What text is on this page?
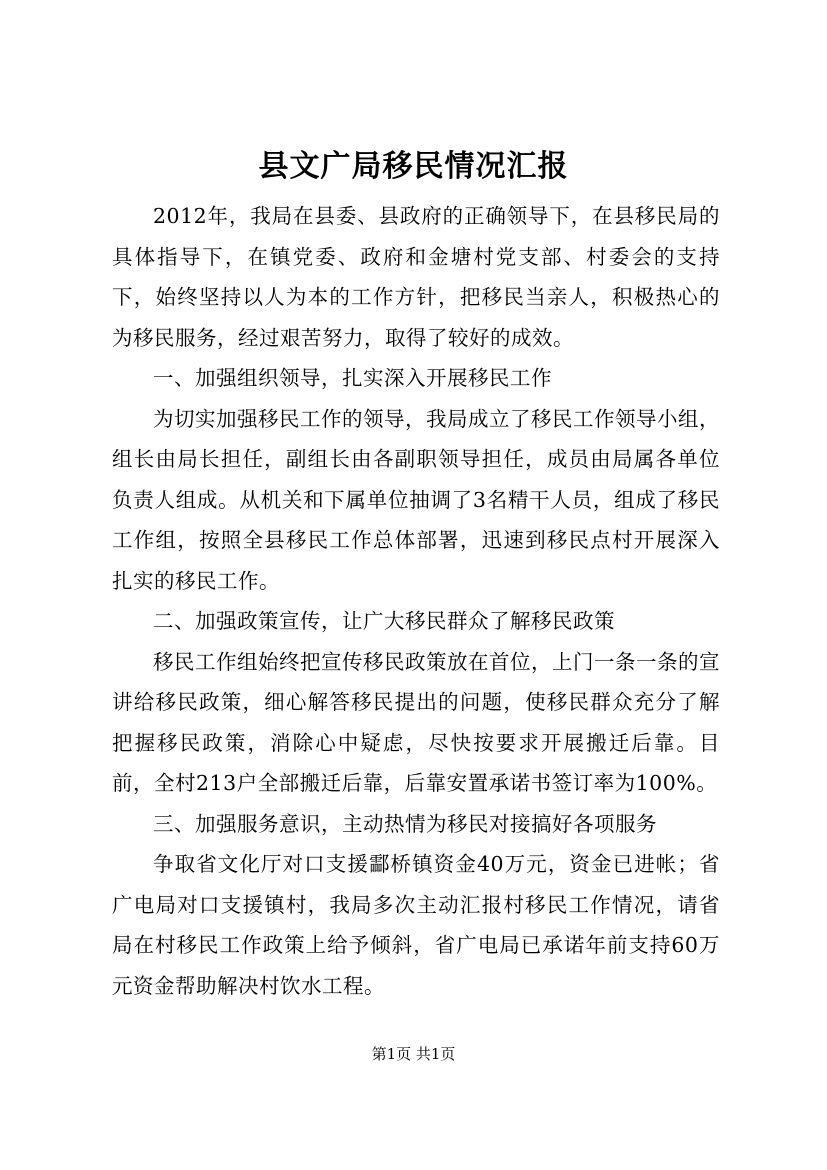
县文广局移民情况汇报

2012年，我局在县委、县政府的正确领导下，在县移民局的具体指导下，在镇党委、政府和金塘村党支部、村委会的支持下，始终坚持以人为本的工作方针，把移民当亲人，积极热心的为移民服务，经过艰苦努力，取得了较好的成效。

一、加强组织领导，扎实深入开展移民工作

为切实加强移民工作的领导，我局成立了移民工作领导小组，组长由局长担任，副组长由各副职领导担任，成员由局属各单位负责人组成。从机关和下属单位抽调了3名精干人员，组成了移民工作组，按照全县移民工作总体部署，迅速到移民点村开展深入扎实的移民工作。

二、加强政策宣传，让广大移民群众了解移民政策

移民工作组始终把宣传移民政策放在首位，上门一条一条的宣讲给移民政策，细心解答移民提出的问题，使移民群众充分了解把握移民政策，消除心中疑虑，尽快按要求开展搬迁后靠。目前，全村213户全部搬迁后靠，后靠安置承诺书签订率为100%。

三、加强服务意识，主动热情为移民对接搞好各项服务

争取省文化厅对口支援酃桥镇资金40万元，资金已进帐；省广电局对口支援镇村，我局多次主动汇报村移民工作情况，请省局在村移民工作政策上给予倾斜，省广电局已承诺年前支持60万元资金帮助解决村饮水工程。

第1页 共1页
